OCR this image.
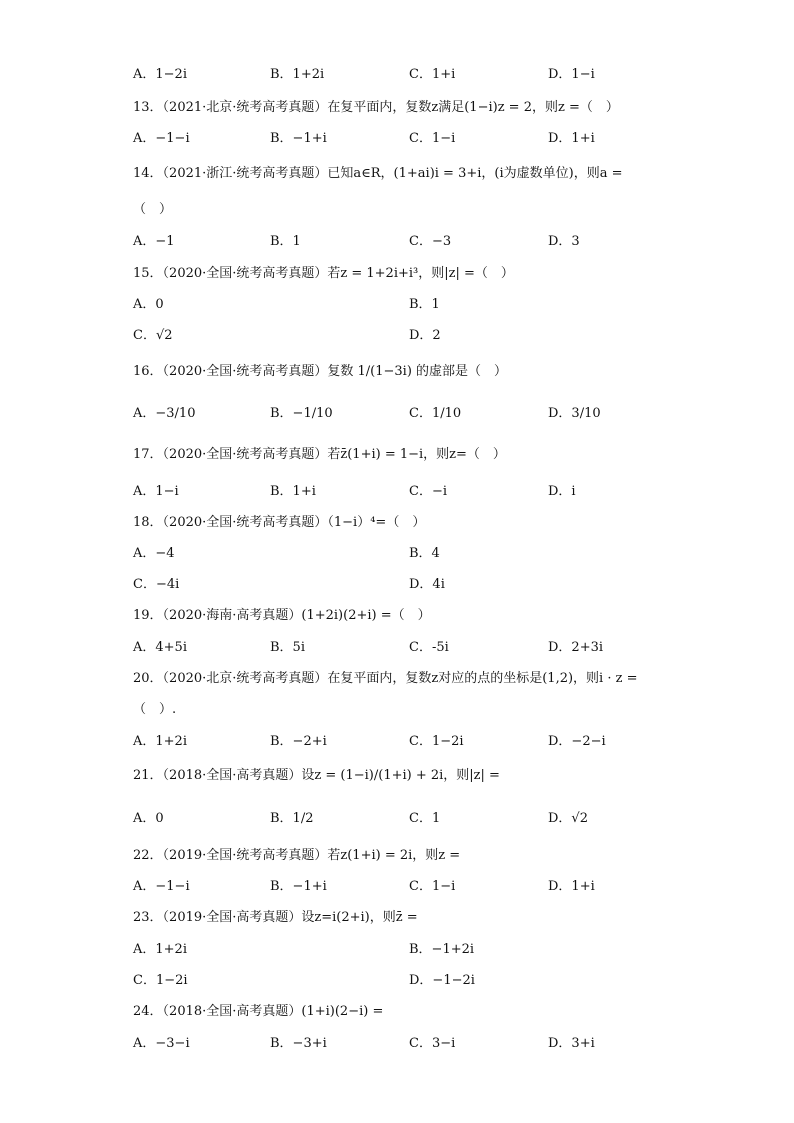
A．1−2i	B．1+2i	C．1+i	D．1−i
13．（2021·北京·统考高考真题）在复平面内，复数z满足(1−i)z = 2，则z =（　）
A．−1−i	B．−1+i	C．1−i	D．1+i
14．（2021·浙江·统考高考真题）已知a∈R，(1+ai)i = 3+i，(i为虚数单位)，则a =
（　）
A．−1	B．1	C．−3	D．3
15．（2020·全国·统考高考真题）若z = 1+2i+i³，则|z| =（　）
A．0	B．1
C．√2	D．2
16．（2020·全国·统考高考真题）复数 1/(1−3i) 的虚部是（　）
A．−3/10	B．−1/10	C．1/10	D．3/10
17．（2020·全国·统考高考真题）若z̄(1+i) = 1−i，则z=（　）
A．1−i	B．1+i	C．−i	D．i
18．（2020·全国·统考高考真题）（1−i）⁴=（　）
A．−4	B．4
C．−4i	D．4i
19．（2020·海南·高考真题）(1+2i)(2+i) =（　）
A．4+5i	B．5i	C．-5i	D．2+3i
20．（2020·北京·统考高考真题）在复平面内，复数z对应的点的坐标是(1,2)，则i · z =
（　）.
A．1+2i	B．−2+i	C．1−2i	D．−2−i
21．（2018·全国·高考真题）设z = (1−i)/(1+i) + 2i，则|z| =
A．0	B．1/2	C．1	D．√2
22．（2019·全国·统考高考真题）若z(1+i) = 2i，则z =
A．−1−i	B．−1+i	C．1−i	D．1+i
23．（2019·全国·高考真题）设z=i(2+i)，则z̄ =
A．1+2i	B．−1+2i
C．1−2i	D．−1−2i
24．（2018·全国·高考真题）(1+i)(2−i) =
A．−3−i	B．−3+i	C．3−i	D．3+i
